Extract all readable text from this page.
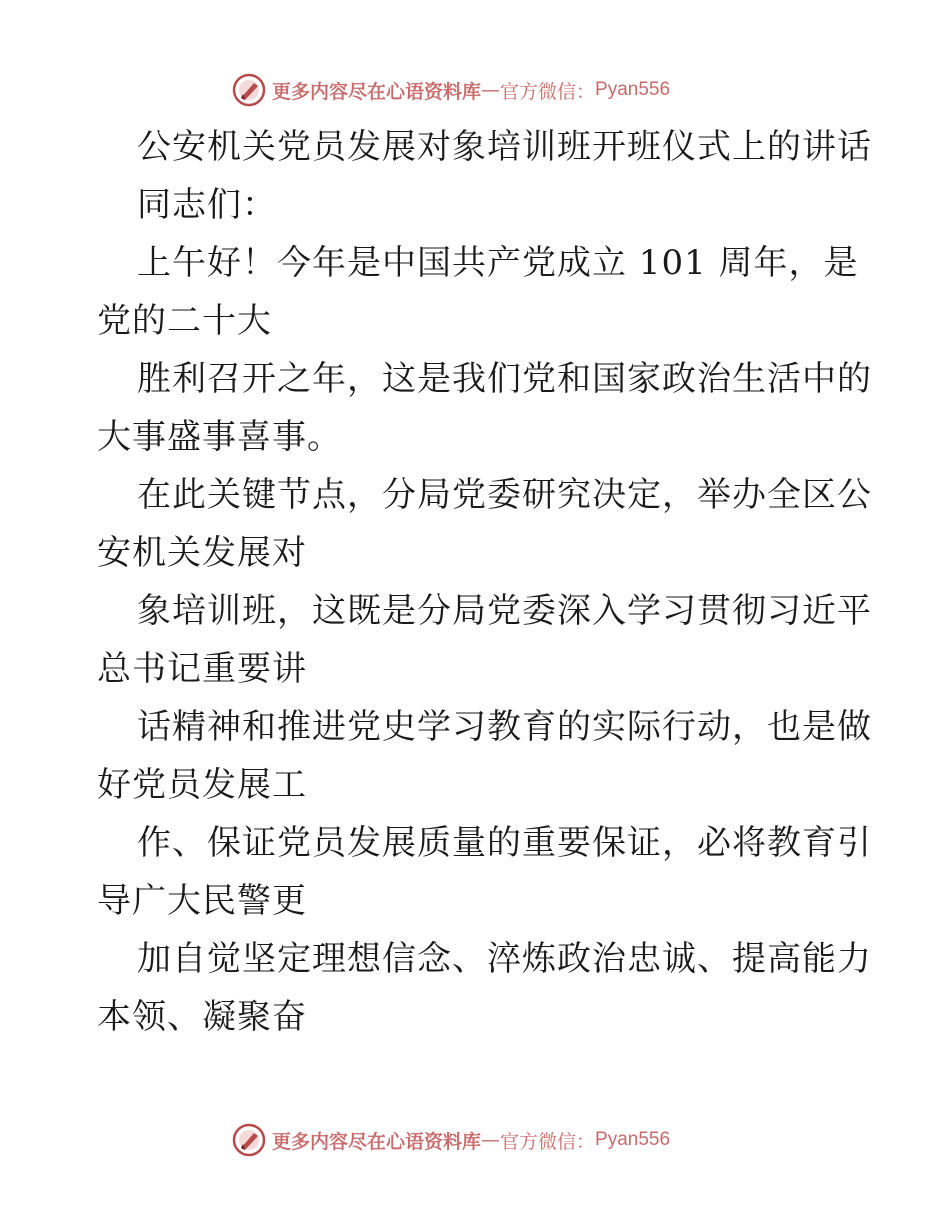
更多内容尽在心语资料库 — 官方微信： Pyan556
公安机关党员发展对象培训班开班仪式上的讲话
同志们：
上午好！今年是中国共产党成立 101 周年，是
党的二十大
胜利召开之年，这是我们党和国家政治生活中的
大事盛事喜事。
在此关键节点，分局党委研究决定，举办全区公
安机关发展对
象培训班，这既是分局党委深入学习贯彻习近平
总书记重要讲
话精神和推进党史学习教育的实际行动，也是做
好党员发展工
作、保证党员发展质量的重要保证，必将教育引
导广大民警更
加自觉坚定理想信念、淬炼政治忠诚、提高能力
本领、凝聚奋
更多内容尽在心语资料库 — 官方微信： Pyan556
